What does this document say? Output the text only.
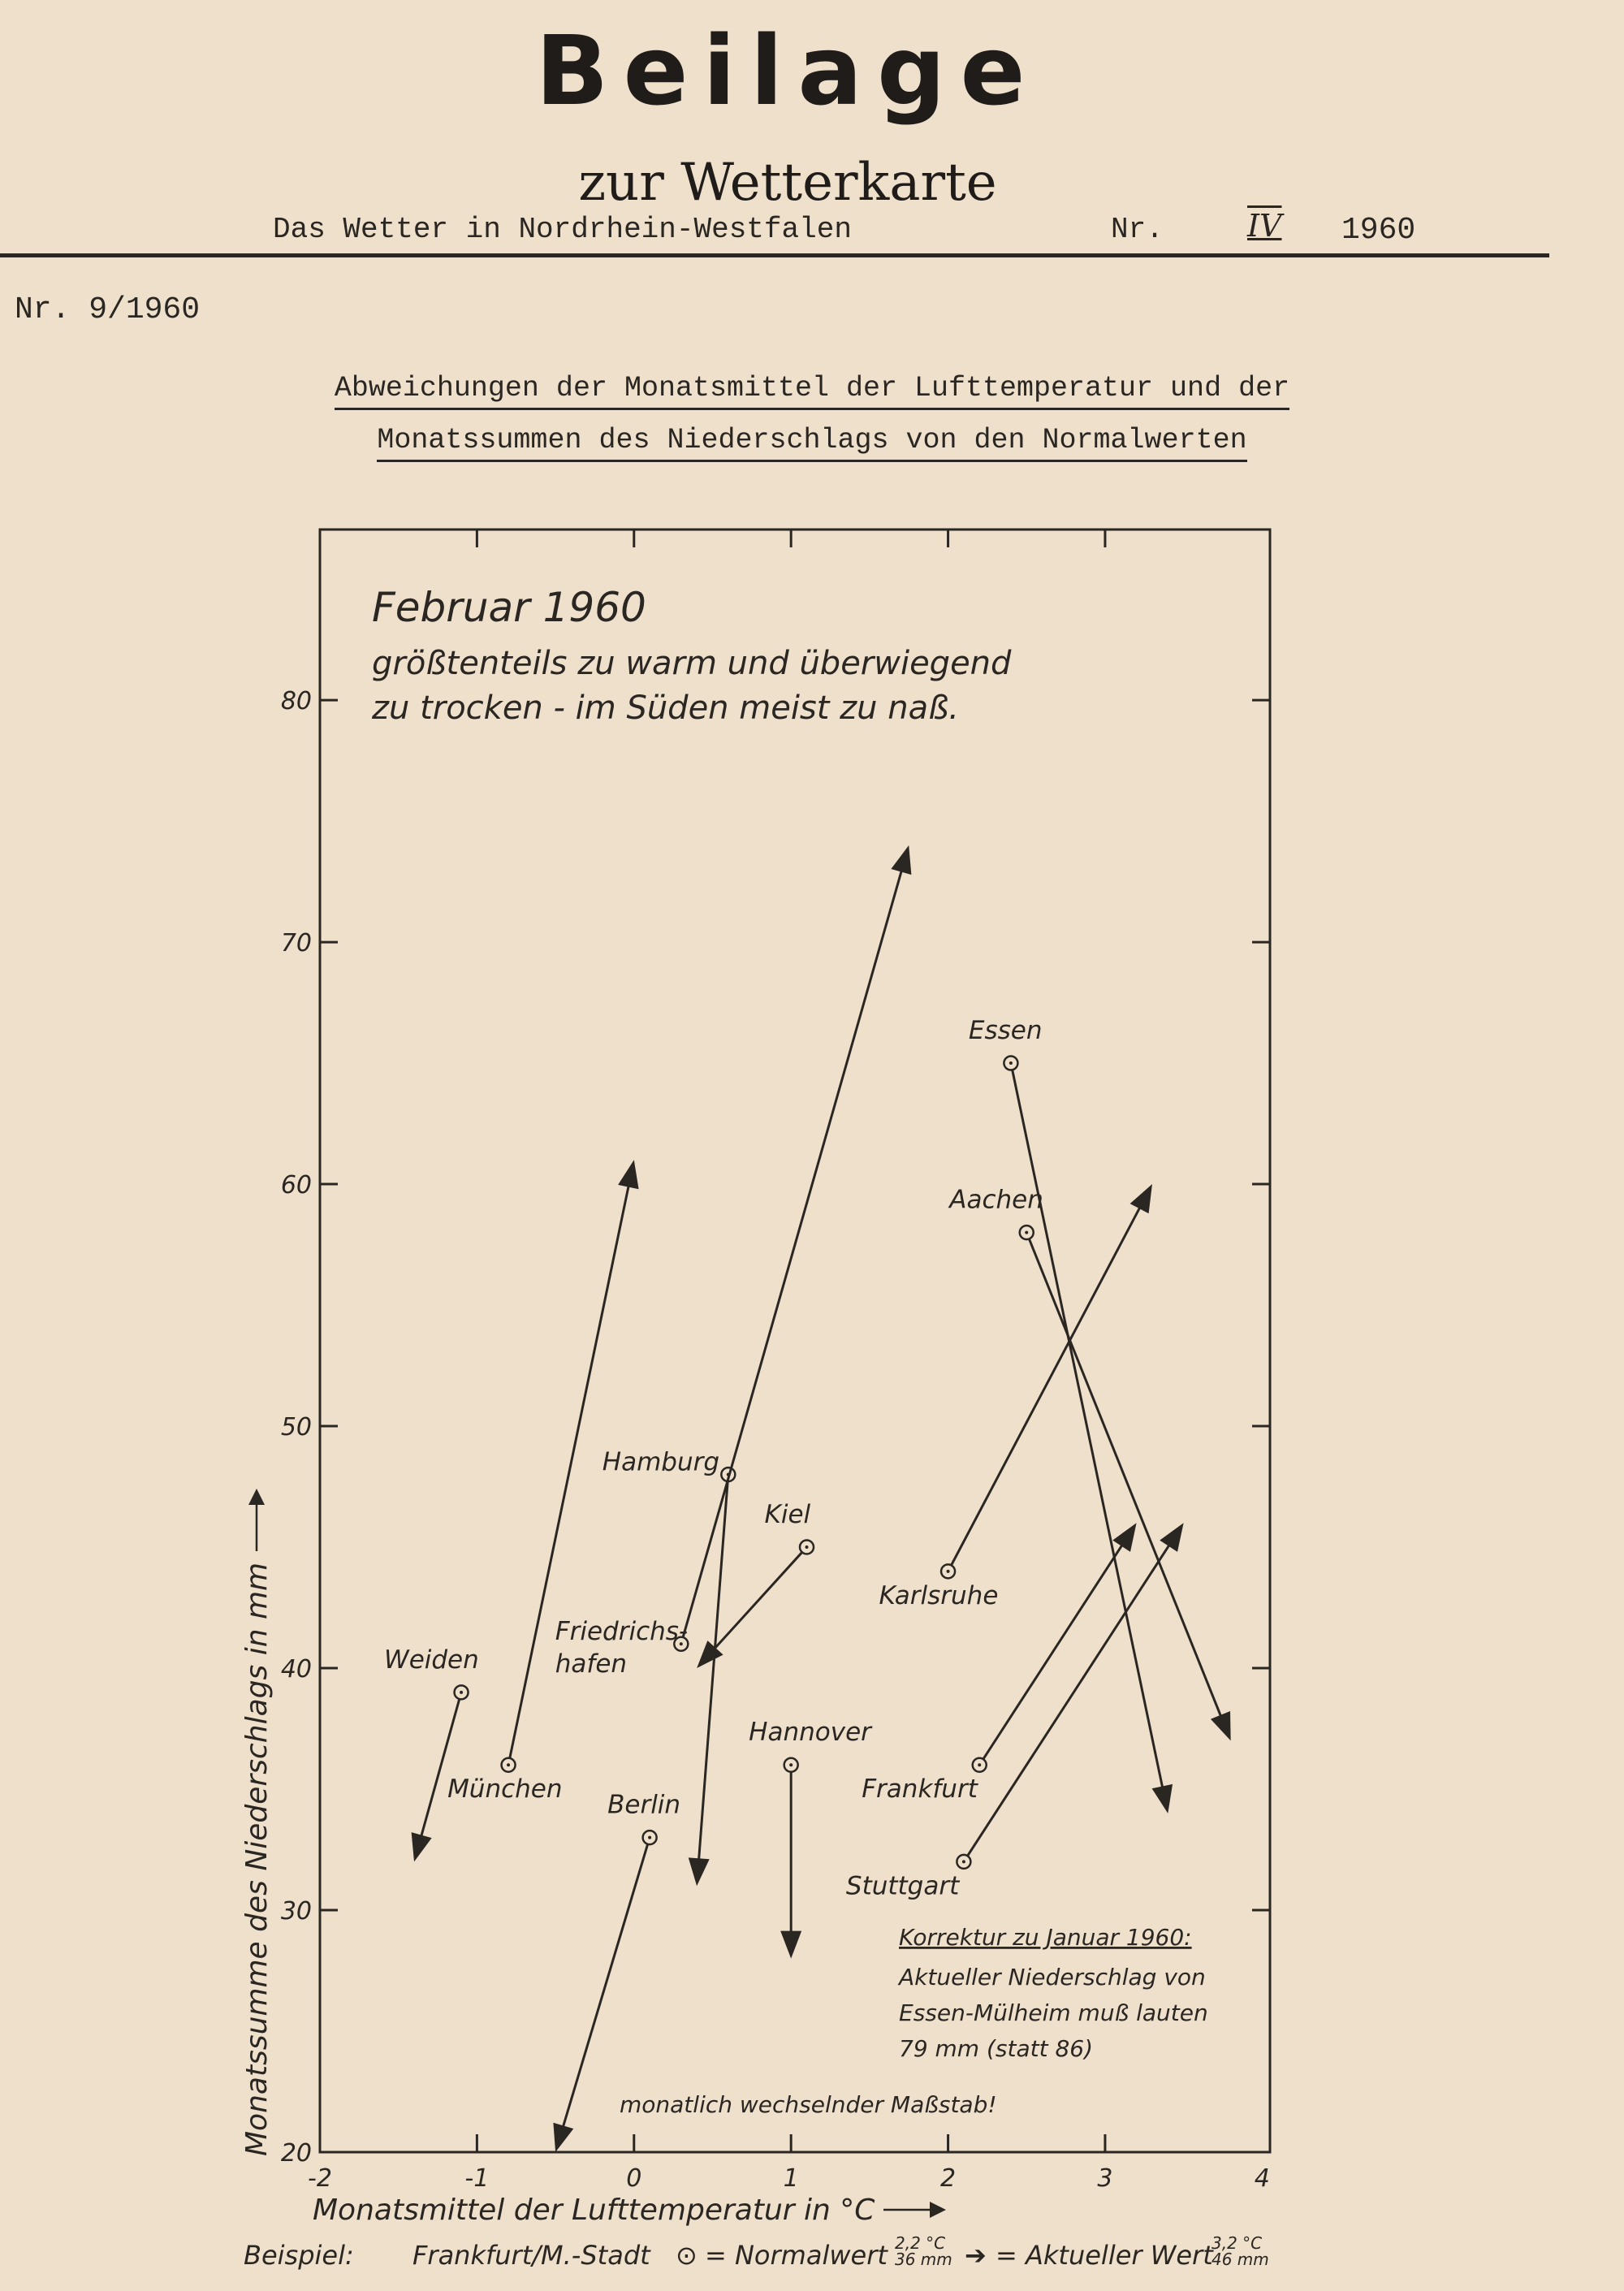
Beilage
zur Wetterkarte
Das Wetter in Nordrhein-Westfalen	Nr.	IV 1960
Nr. 9/1960
Abweichungen der Monatsmittel der Lufttemperatur und der
Monatssummen des Niederschlags von den Normalwerten
-2	-1	0	1	2	3	4
20
30
40
50
60
70
80
Weiden
München
Berlin
Friedrichs-
hafen
Hamburg
Kiel
Hannover
Karlsruhe
Essen
Aachen
Frankfurt
Stuttgart
Februar 1960
größtenteils zu warm und überwiegend
zu trocken - im Süden meist zu naß.
Korrektur zu Januar 1960:
Aktueller Niederschlag von
Essen-Mülheim muß lauten
79 mm (statt 86)
monatlich wechselnder Maßstab!
Monatsmittel der Lufttemperatur in °C
Monatssumme des Niederschlags in mm
Beispiel: Frankfurt/M.-Stadt ⊙ = Normalwert 2,2 °C
36 mm ➔ = Aktueller Wert
3,2 °C
46 mm
